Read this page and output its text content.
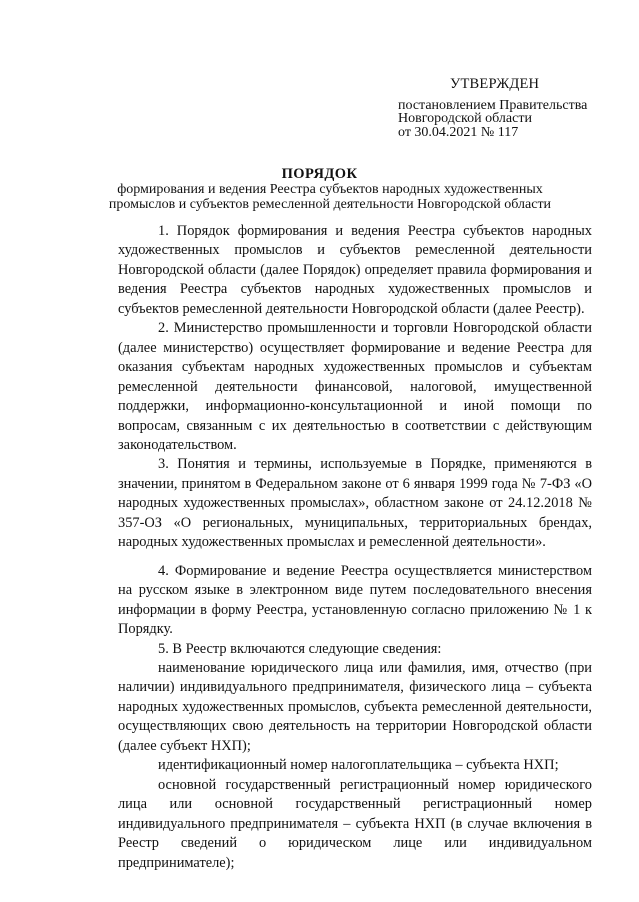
УТВЕРЖДЕН
постановлением Правительства
Новгородской области
от 30.04.2021 № 117
ПОРЯДОК
формирования и ведения Реестра субъектов народных художественных
промыслов и субъектов ремесленной деятельности Новгородской области

1. Порядок формирования и ведения Реестра субъектов народных художественных промыслов и субъектов ремесленной деятельности Новгородской области (далее Порядок) определяет правила формирования и ведения Реестра субъектов народных художественных промыслов и субъектов ремесленной деятельности Новгородской области (далее Реестр).

2. Министерство промышленности и торговли Новгородской области (далее министерство) осуществляет формирование и ведение Реестра для оказания субъектам народных художественных промыслов и субъектам ремесленной деятельности финансовой, налоговой, имущественной поддержки, информационно-консультационной и иной помощи по вопросам, связанным с их деятельностью в соответствии с действующим законодательством.

3. Понятия и термины, используемые в Порядке, применяются в значении, принятом в Федеральном законе от 6 января 1999 года № 7-ФЗ «О народных художественных промыслах», областном законе от 24.12.2018 № 357-ОЗ «О региональных, муниципальных, территориальных брендах, народных художественных промыслах и ремесленной деятельности».

4. Формирование и ведение Реестра осуществляется министерством на русском языке в электронном виде путем последовательного внесения информации в форму Реестра, установленную согласно приложению № 1 к Порядку.

5. В Реестр включаются следующие сведения:

наименование юридического лица или фамилия, имя, отчество (при наличии) индивидуального предпринимателя, физического лица – субъекта народных художественных промыслов, субъекта ремесленной деятельности, осуществляющих свою деятельность на территории Новгородской области (далее субъект НХП);

идентификационный номер налогоплательщика – субъекта НХП;

основной государственный регистрационный номер юридического лица или основной государственный регистрационный номер индивидуального предпринимателя – субъекта НХП (в случае включения в Реестр сведений о юридическом лице или индивидуальном предпринимателе);
